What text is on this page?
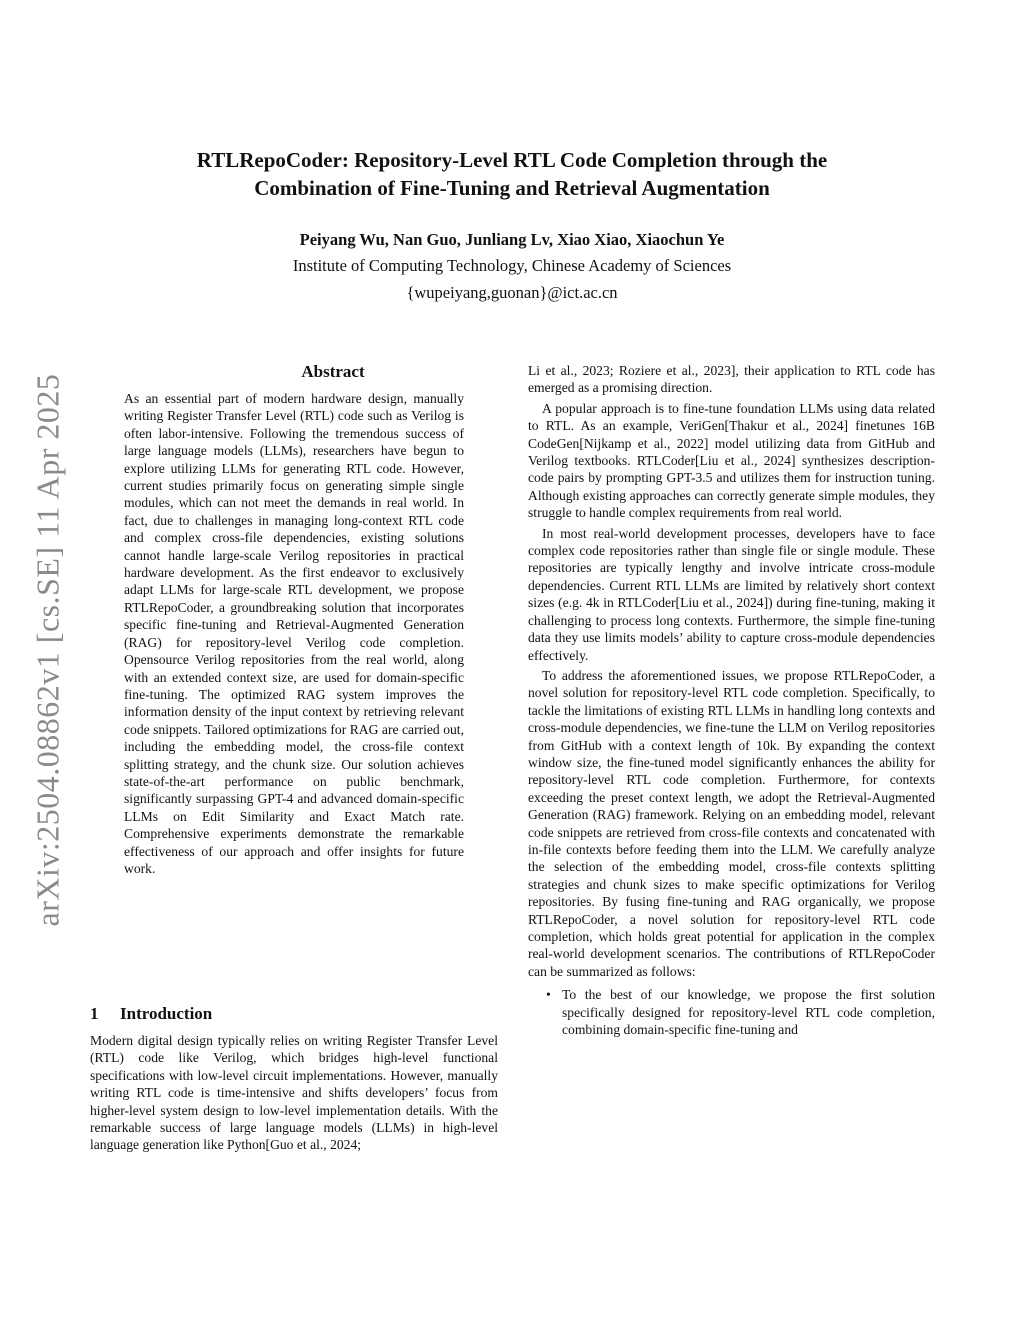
RTLRepoCoder: Repository-Level RTL Code Completion through the
Combination of Fine-Tuning and Retrieval Augmentation
Peiyang Wu, Nan Guo, Junliang Lv, Xiao Xiao, Xiaochun Ye
Institute of Computing Technology, Chinese Academy of Sciences
{wupeiyang,guonan}@ict.ac.cn
arXiv:2504.08862v1 [cs.SE] 11 Apr 2025
Abstract
As an essential part of modern hardware design, manually writing Register Transfer Level (RTL) code such as Verilog is often labor-intensive. Following the tremendous success of large language models (LLMs), researchers have begun to explore utilizing LLMs for generating RTL code. However, current studies primarily focus on generating simple single modules, which can not meet the demands in real world. In fact, due to challenges in managing long-context RTL code and complex cross-file dependencies, existing solutions cannot handle large-scale Verilog repositories in practical hardware development. As the first endeavor to exclusively adapt LLMs for large-scale RTL development, we propose RTLRepoCoder, a groundbreaking solution that incorporates specific fine-tuning and Retrieval-Augmented Generation (RAG) for repository-level Verilog code completion. Opensource Verilog repositories from the real world, along with an extended context size, are used for domain-specific fine-tuning. The optimized RAG system improves the information density of the input context by retrieving relevant code snippets. Tailored optimizations for RAG are carried out, including the embedding model, the cross-file context splitting strategy, and the chunk size. Our solution achieves state-of-the-art performance on public benchmark, significantly surpassing GPT-4 and advanced domain-specific LLMs on Edit Similarity and Exact Match rate. Comprehensive experiments demonstrate the remarkable effectiveness of our approach and offer insights for future work.
1 Introduction
Modern digital design typically relies on writing Register Transfer Level (RTL) code like Verilog, which bridges high-level functional specifications with low-level circuit implementations. However, manually writing RTL code is time-intensive and shifts developers’ focus from higher-level system design to low-level implementation details. With the remarkable success of large language models (LLMs) in high-level language generation like Python[Guo et al., 2024;

Li et al., 2023; Roziere et al., 2023], their application to RTL code has emerged as a promising direction.

A popular approach is to fine-tune foundation LLMs using data related to RTL. As an example, VeriGen[Thakur et al., 2024] finetunes 16B CodeGen[Nijkamp et al., 2022] model utilizing data from GitHub and Verilog textbooks. RTLCoder[Liu et al., 2024] synthesizes description-code pairs by prompting GPT-3.5 and utilizes them for instruction tuning. Although existing approaches can correctly generate simple modules, they struggle to handle complex requirements from real world.

In most real-world development processes, developers have to face complex code repositories rather than single file or single module. These repositories are typically lengthy and involve intricate cross-module dependencies. Current RTL LLMs are limited by relatively short context sizes (e.g. 4k in RTLCoder[Liu et al., 2024]) during fine-tuning, making it challenging to process long contexts. Furthermore, the simple fine-tuning data they use limits models’ ability to capture cross-module dependencies effectively.

To address the aforementioned issues, we propose RTLRepoCoder, a novel solution for repository-level RTL code completion. Specifically, to tackle the limitations of existing RTL LLMs in handling long contexts and cross-module dependencies, we fine-tune the LLM on Verilog repositories from GitHub with a context length of 10k. By expanding the context window size, the fine-tuned model significantly enhances the ability for repository-level RTL code completion. Furthermore, for contexts exceeding the preset context length, we adopt the Retrieval-Augmented Generation (RAG) framework. Relying on an embedding model, relevant code snippets are retrieved from cross-file contexts and concatenated with in-file contexts before feeding them into the LLM. We carefully analyze the selection of the embedding model, cross-file contexts splitting strategies and chunk sizes to make specific optimizations for Verilog repositories. By fusing fine-tuning and RAG organically, we propose RTLRepoCoder, a novel solution for repository-level RTL code completion, which holds great potential for application in the complex real-world development scenarios. The contributions of RTLRepoCoder can be summarized as follows:

• To the best of our knowledge, we propose the first solution specifically designed for repository-level RTL code completion, combining domain-specific fine-tuning and
